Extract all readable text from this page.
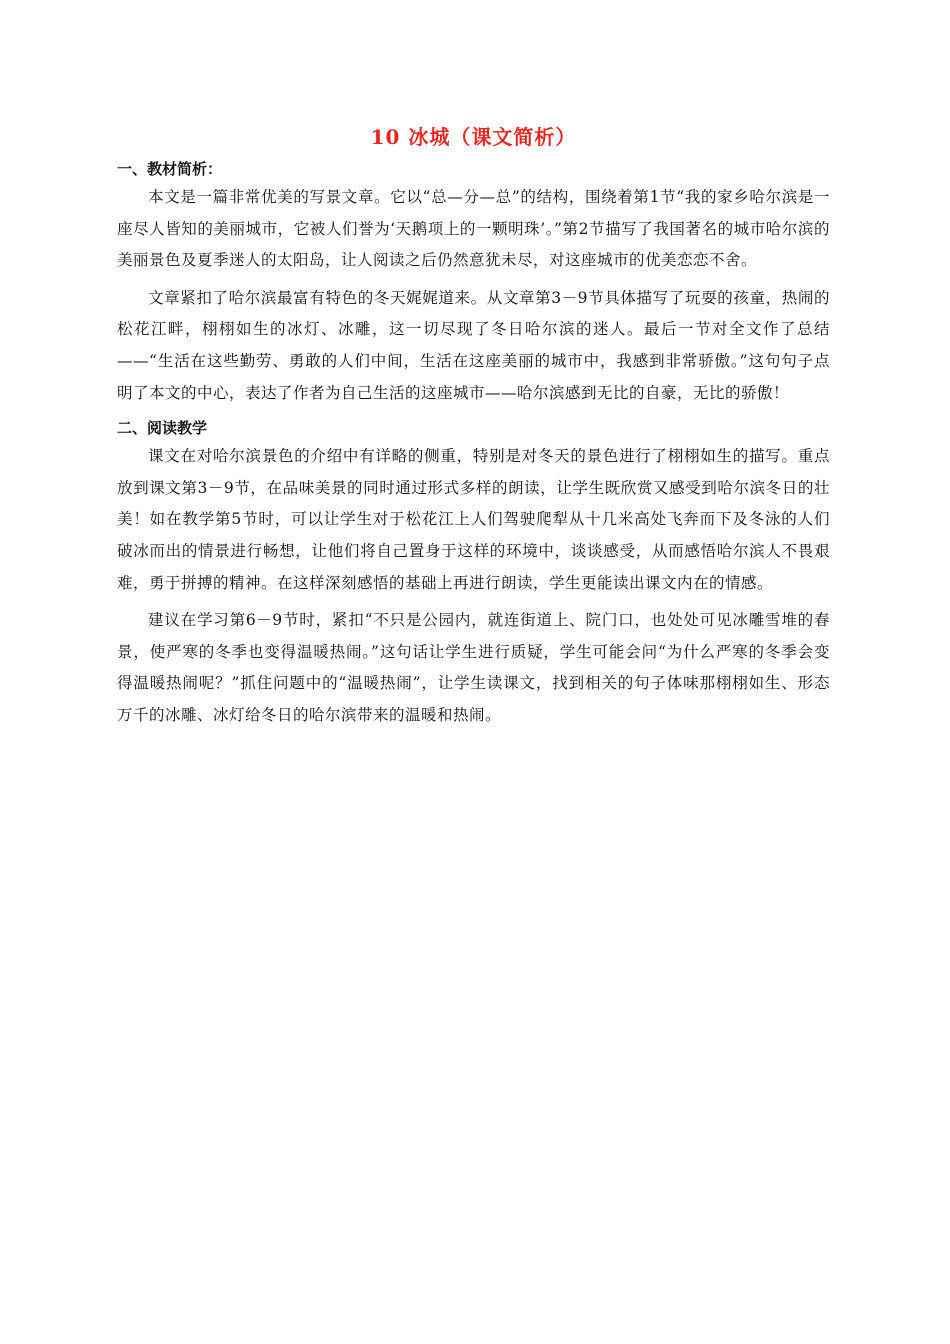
10 冰城（课文简析）
一、教材简析：

本文是一篇非常优美的写景文章。它以“总—分—总”的结构，围绕着第1节“我的家乡哈尔滨是一座尽人皆知的美丽城市，它被人们誉为‘天鹅项上的一颗明珠’。”第2节描写了我国著名的城市哈尔滨的美丽景色及夏季迷人的太阳岛，让人阅读之后仍然意犹未尽，对这座城市的优美恋恋不舍。

文章紧扣了哈尔滨最富有特色的冬天娓娓道来。从文章第3－9节具体描写了玩耍的孩童，热闹的松花江畔，栩栩如生的冰灯、冰雕，这一切尽现了冬日哈尔滨的迷人。最后一节对全文作了总结——“生活在这些勤劳、勇敢的人们中间，生活在这座美丽的城市中，我感到非常骄傲。”这句句子点明了本文的中心，表达了作者为自己生活的这座城市——哈尔滨感到无比的自豪，无比的骄傲！

二、阅读教学

课文在对哈尔滨景色的介绍中有详略的侧重，特别是对冬天的景色进行了栩栩如生的描写。重点放到课文第3－9节，在品味美景的同时通过形式多样的朗读，让学生既欣赏又感受到哈尔滨冬日的壮美！如在教学第5节时，可以让学生对于松花江上人们驾驶爬犁从十几米高处飞奔而下及冬泳的人们破冰而出的情景进行畅想，让他们将自己置身于这样的环境中，谈谈感受，从而感悟哈尔滨人不畏艰难，勇于拼搏的精神。在这样深刻感悟的基础上再进行朗读，学生更能读出课文内在的情感。

建议在学习第6－9节时，紧扣“不只是公园内，就连街道上、院门口，也处处可见冰雕雪堆的春景，使严寒的冬季也变得温暖热闹。”这句话让学生进行质疑，学生可能会问“为什么严寒的冬季会变得温暖热闹呢？”抓住问题中的“温暖热闹”，让学生读课文，找到相关的句子体味那栩栩如生、形态万千的冰雕、冰灯给冬日的哈尔滨带来的温暖和热闹。
